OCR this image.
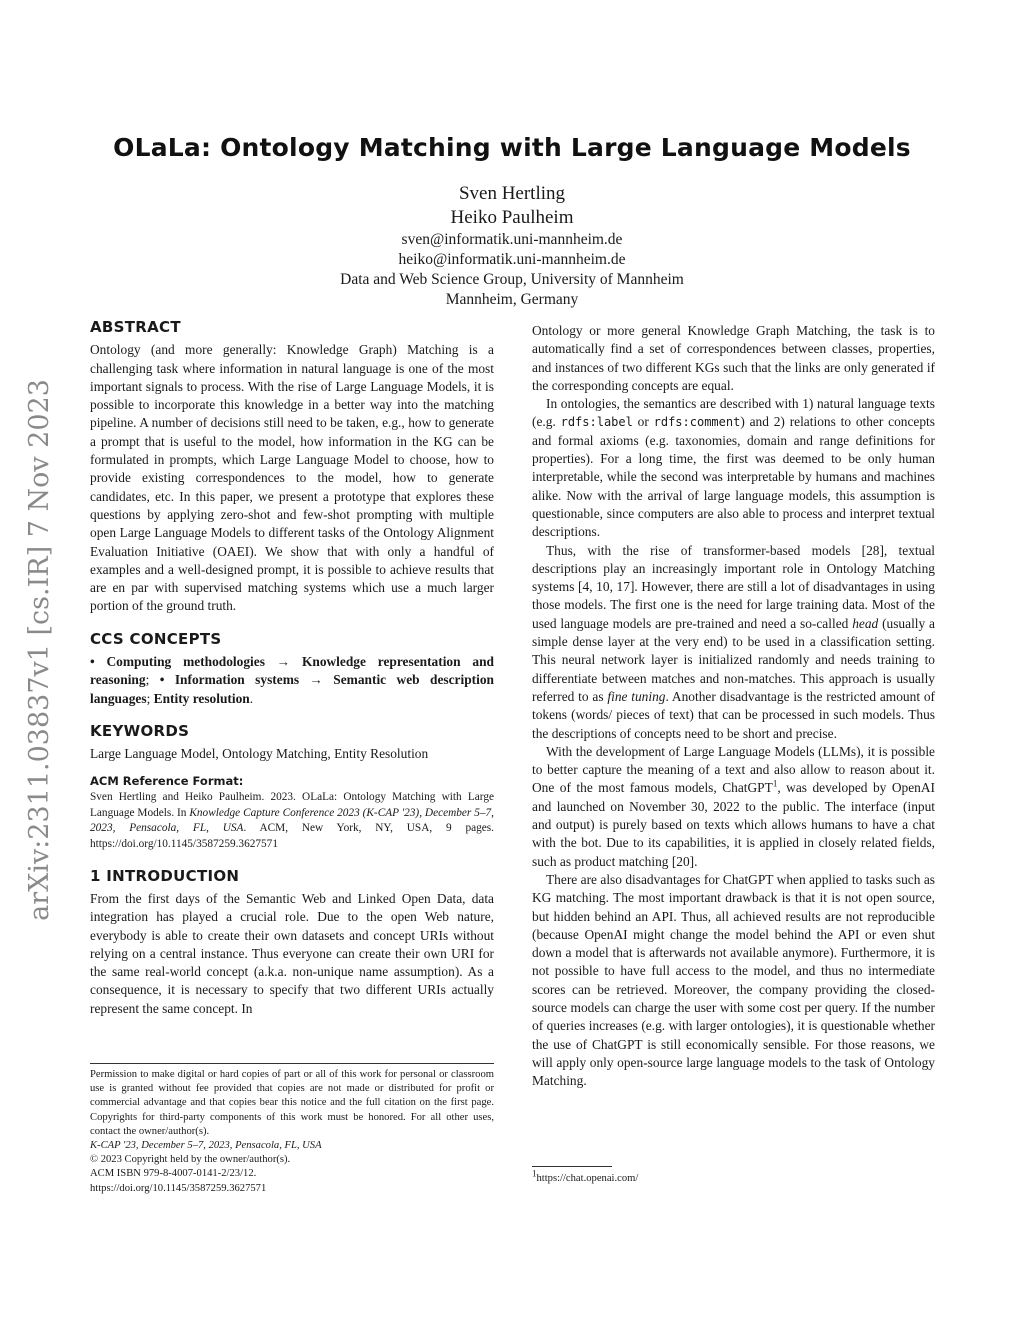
arXiv:2311.03837v1 [cs.IR] 7 Nov 2023
OLaLa: Ontology Matching with Large Language Models
Sven Hertling
Heiko Paulheim
sven@informatik.uni-mannheim.de
heiko@informatik.uni-mannheim.de
Data and Web Science Group, University of Mannheim
Mannheim, Germany
ABSTRACT

Ontology (and more generally: Knowledge Graph) Matching is a challenging task where information in natural language is one of the most important signals to process. With the rise of Large Language Models, it is possible to incorporate this knowledge in a better way into the matching pipeline. A number of decisions still need to be taken, e.g., how to generate a prompt that is useful to the model, how information in the KG can be formulated in prompts, which Large Language Model to choose, how to provide existing correspondences to the model, how to generate candidates, etc. In this paper, we present a prototype that explores these questions by applying zero-shot and few-shot prompting with multiple open Large Language Models to different tasks of the Ontology Alignment Evaluation Initiative (OAEI). We show that with only a handful of examples and a well-designed prompt, it is possible to achieve results that are en par with supervised matching systems which use a much larger portion of the ground truth.

CCS CONCEPTS

• Computing methodologies → Knowledge representation and reasoning; • Information systems → Semantic web description languages; Entity resolution.

KEYWORDS

Large Language Model, Ontology Matching, Entity Resolution

ACM Reference Format:

Sven Hertling and Heiko Paulheim. 2023. OLaLa: Ontology Matching with Large Language Models. In Knowledge Capture Conference 2023 (K-CAP '23), December 5–7, 2023, Pensacola, FL, USA. ACM, New York, NY, USA, 9 pages. https://doi.org/10.1145/3587259.3627571

1 INTRODUCTION

From the first days of the Semantic Web and Linked Open Data, data integration has played a crucial role. Due to the open Web nature, everybody is able to create their own datasets and concept URIs without relying on a central instance. Thus everyone can create their own URI for the same real-world concept (a.k.a. non-unique name assumption). As a consequence, it is necessary to specify that two different URIs actually represent the same concept. In

Permission to make digital or hard copies of part or all of this work for personal or classroom use is granted without fee provided that copies are not made or distributed for profit or commercial advantage and that copies bear this notice and the full citation on the first page. Copyrights for third-party components of this work must be honored. For all other uses, contact the owner/author(s).
K-CAP '23, December 5–7, 2023, Pensacola, FL, USA
© 2023 Copyright held by the owner/author(s).
ACM ISBN 979-8-4007-0141-2/23/12.
https://doi.org/10.1145/3587259.3627571

Ontology or more general Knowledge Graph Matching, the task is to automatically find a set of correspondences between classes, properties, and instances of two different KGs such that the links are only generated if the corresponding concepts are equal.

In ontologies, the semantics are described with 1) natural language texts (e.g. rdfs:label or rdfs:comment) and 2) relations to other concepts and formal axioms (e.g. taxonomies, domain and range definitions for properties). For a long time, the first was deemed to be only human interpretable, while the second was interpretable by humans and machines alike. Now with the arrival of large language models, this assumption is questionable, since computers are also able to process and interpret textual descriptions.

Thus, with the rise of transformer-based models [28], textual descriptions play an increasingly important role in Ontology Matching systems [4, 10, 17]. However, there are still a lot of disadvantages in using those models. The first one is the need for large training data. Most of the used language models are pre-trained and need a so-called head (usually a simple dense layer at the very end) to be used in a classification setting. This neural network layer is initialized randomly and needs training to differentiate between matches and non-matches. This approach is usually referred to as fine tuning. Another disadvantage is the restricted amount of tokens (words/ pieces of text) that can be processed in such models. Thus the descriptions of concepts need to be short and precise.

With the development of Large Language Models (LLMs), it is possible to better capture the meaning of a text and also allow to reason about it. One of the most famous models, ChatGPT$^1$, was developed by OpenAI and launched on November 30, 2022 to the public. The interface (input and output) is purely based on texts which allows humans to have a chat with the bot. Due to its capabilities, it is applied in closely related fields, such as product matching [20].

There are also disadvantages for ChatGPT when applied to tasks such as KG matching. The most important drawback is that it is not open source, but hidden behind an API. Thus, all achieved results are not reproducible (because OpenAI might change the model behind the API or even shut down a model that is afterwards not available anymore). Furthermore, it is not possible to have full access to the model, and thus no intermediate scores can be retrieved. Moreover, the company providing the closed-source models can charge the user with some cost per query. If the number of queries increases (e.g. with larger ontologies), it is questionable whether the use of ChatGPT is still economically sensible. For those reasons, we will apply only open-source large language models to the task of Ontology Matching.

$^1$https://chat.openai.com/
